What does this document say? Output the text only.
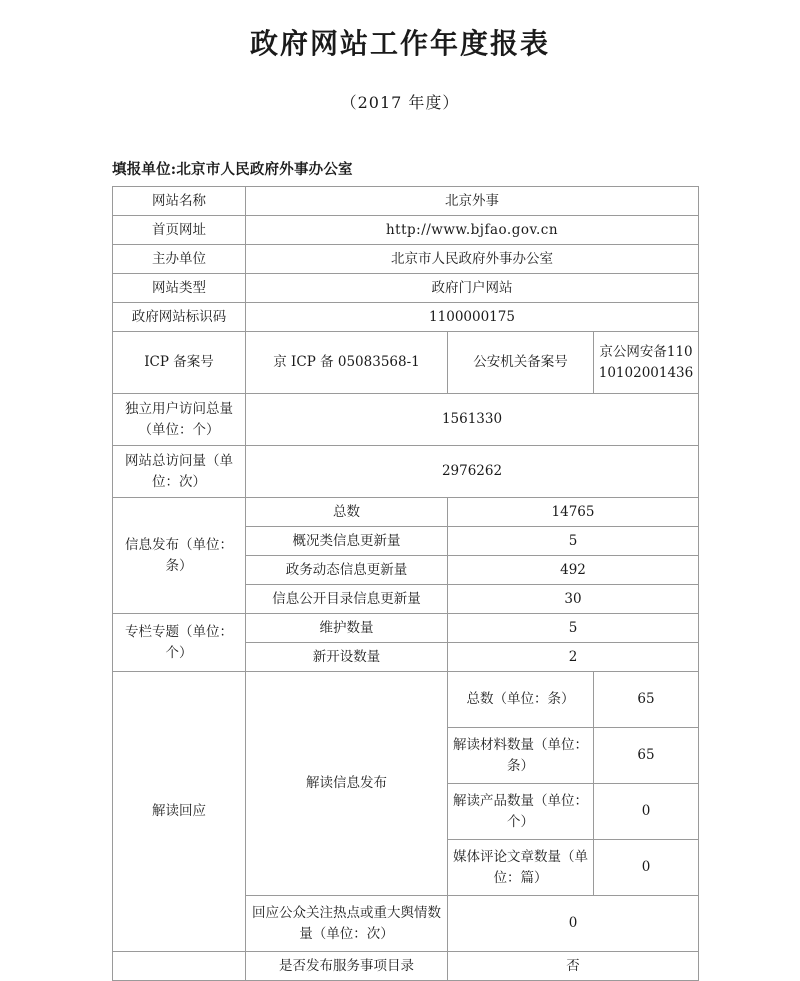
政府网站工作年度报表

（2017 年度）

填报单位:北京市人民政府外事办公室

网站名称	北京外事		
首页网址	http://www.bjfao.gov.cn		
主办单位	北京市人民政府外事办公室		
网站类型	政府门户网站		
政府网站标识码	1100000175		
ICP 备案号	京 ICP 备 05083568-1	公安机关备案号	京公网安备11010102001436
独立用户访问总量（单位：个）	1561330		
网站总访问量（单位：次）	2976262		
信息发布（单位：条）	总数	14765	
	概况类信息更新量	5	
	政务动态信息更新量	492	
	信息公开目录信息更新量	30	
专栏专题（单位：个）	维护数量	5	
	新开设数量	2	
解读回应	解读信息发布	总数（单位：条）	65
		解读材料数量（单位：条）	65
		解读产品数量（单位：个）	0
		媒体评论文章数量（单位：篇）	0
	回应公众关注热点或重大舆情数量（单位：次）	0	
	是否发布服务事项目录	否	
